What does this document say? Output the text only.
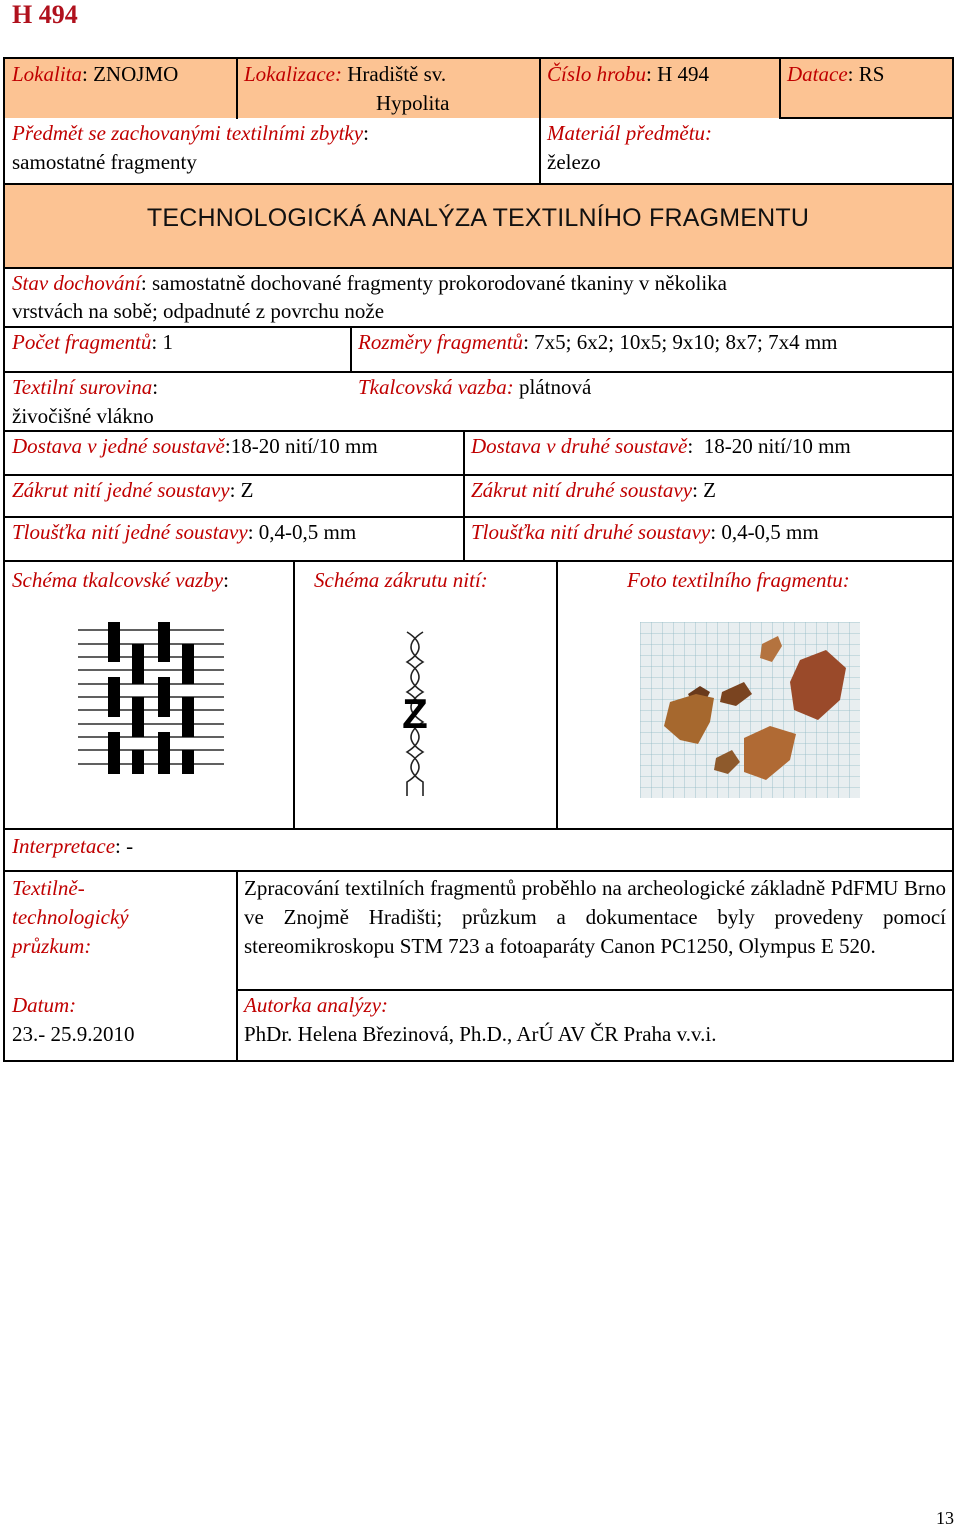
H 494
Lokalita: ZNOJMO	Lokalizace: Hradiště sv.
Hypolita
Číslo hrobu: H 494	Datace: RS
Předmět se zachovanými textilními zbytky:
samostatné fragmenty
Materiál předmětu:
železo
TECHNOLOGICKÁ ANALÝZA TEXTILNÍHO FRAGMENTU
Stav dochování: samostatně dochované fragmenty prokorodované tkaniny v několika
vrstvách na sobě; odpadnuté z povrchu nože
Počet fragmentů: 1	Rozměry fragmentů: 7x5; 6x2; 10x5; 9x10; 8x7; 7x4 mm
Textilní surovina:
živočišné vlákno
Tkalcovská vazba: plátnová
Dostava v jedné soustavě:18-20 nití/10 mm	Dostava v druhé soustavě:  18-20 nití/10 mm
Zákrut nití jedné soustavy: Z	Zákrut nití druhé soustavy: Z
Tloušťka nití jedné soustavy: 0,4-0,5 mm	Tloušťka nití druhé soustavy: 0,4-0,5 mm
Schéma tkalcovské vazby:	Schéma zákrutu nití:	Foto textilního fragmentu:
Z
Interpretace: -
Textilně-
technologický
průzkum:
Zpracování textilních fragmentů proběhlo na archeologické základně PdFMU Brno ve Znojmě Hradišti; průzkum a dokumentace byly provedeny pomocí stereomikroskopu STM 723 a fotoaparáty Canon PC1250, Olympus E 520.
Datum:
23.- 25.9.2010
Autorka analýzy:
PhDr. Helena Březinová, Ph.D., ArÚ AV ČR Praha v.v.i.
13
